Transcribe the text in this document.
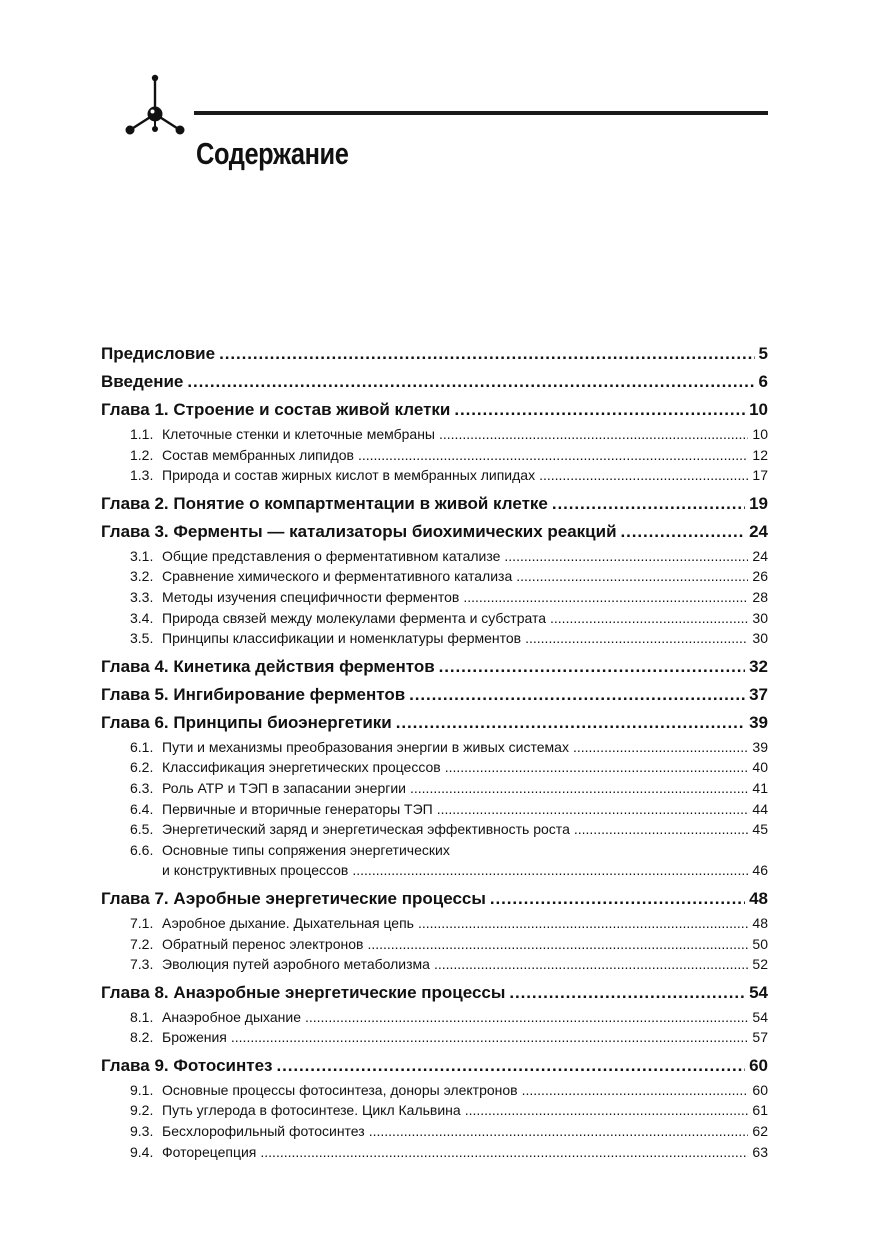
Содержание
Предисловие .....	5
Введение .....	6
Глава 1. Строение и состав живой клетки .....	10
1.1. Клеточные стенки и клеточные мембраны .....	10
1.2. Состав мембранных липидов .....	12
1.3. Природа и состав жирных кислот в мембранных липидах .....	17
Глава 2. Понятие о компартментации в живой клетке .....	19
Глава 3. Ферменты — катализаторы биохимических реакций .....	24
3.1. Общие представления о ферментативном катализе .....	24
3.2. Сравнение химического и ферментативного катализа .....	26
3.3. Методы изучения специфичности ферментов .....	28
3.4. Природа связей между молекулами фермента и субстрата .....	30
3.5. Принципы классификации и номенклатуры ферментов .....	30
Глава 4. Кинетика действия ферментов .....	32
Глава 5. Ингибирование ферментов .....	37
Глава 6. Принципы биоэнергетики .....	39
6.1. Пути и механизмы преобразования энергии в живых системах .....	39
6.2. Классификация энергетических процессов .....	40
6.3. Роль АТР и ТЭП в запасании энергии .....	41
6.4. Первичные и вторичные генераторы ТЭП .....	44
6.5. Энергетический заряд и энергетическая эффективность роста .....	45
6.6. Основные типы сопряжения энергетических
и конструктивных процессов .....	46
Глава 7. Аэробные энергетические процессы .....	48
7.1. Аэробное дыхание. Дыхательная цепь .....	48
7.2. Обратный перенос электронов .....	50
7.3. Эволюция путей аэробного метаболизма .....	52
Глава 8. Анаэробные энергетические процессы .....	54
8.1. Анаэробное дыхание .....	54
8.2. Брожения .....	57
Глава 9. Фотосинтез .....	60
9.1. Основные процессы фотосинтеза, доноры электронов .....	60
9.2. Путь углерода в фотосинтезе. Цикл Кальвина .....	61
9.3. Бесхлорофильный фотосинтез .....	62
9.4. Фоторецепция .....	63
